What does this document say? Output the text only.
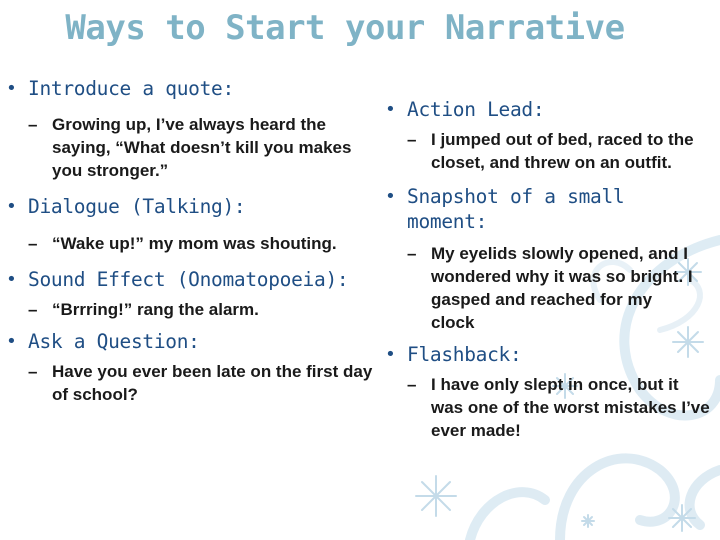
Ways to Start your Narrative
• Introduce a quote:
– Growing up, I’ve always heard the saying, “What doesn’t kill you makes you stronger.”
• Dialogue (Talking):
– “Wake up!” my mom was shouting.
• Sound Effect (Onomatopoeia):
– “Brrring!” rang the alarm.
• Ask a Question:
– Have you ever been late on the first day of school?
• Action Lead:
– I jumped out of bed, raced to the closet, and threw on an outfit.
• Snapshot of a small moment:
– My eyelids slowly opened, and I wondered why it was so bright. I gasped and reached for my clock
• Flashback:
– I have only slept in once, but it was one of the worst mistakes I’ve ever made!
